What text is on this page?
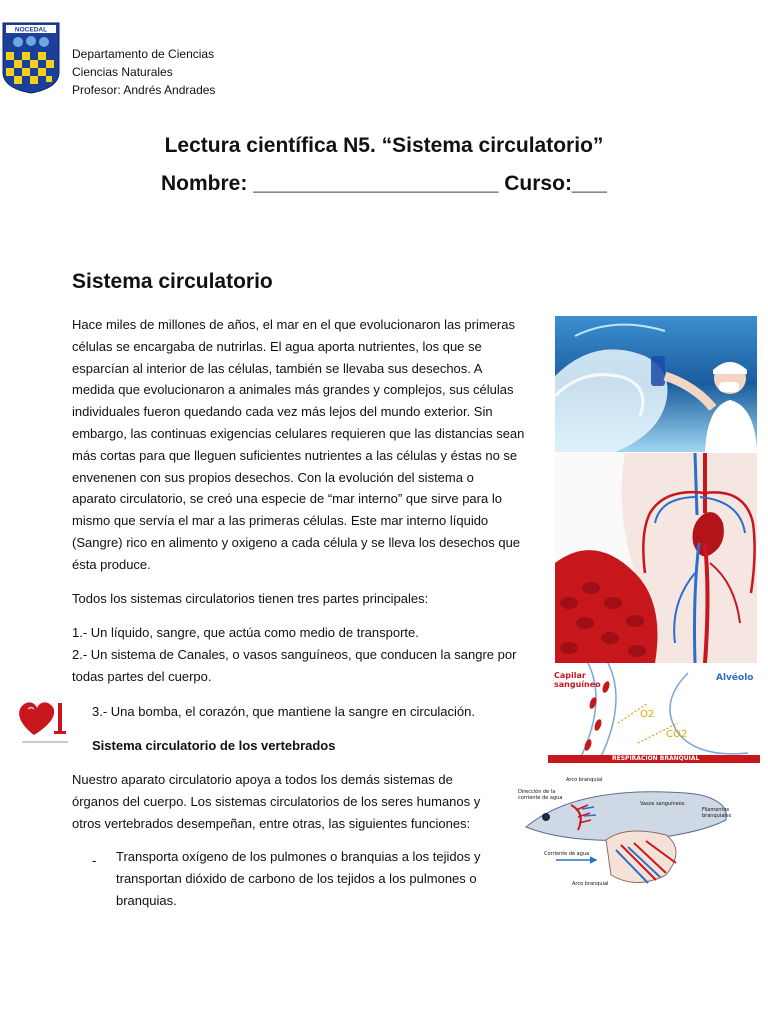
NOCEDAL
Departamento de Ciencias
Ciencias Naturales
Profesor: Andrés Andrades
Lectura científica N5. “Sistema circulatorio”
Nombre: _____________________ Curso:___
Sistema circulatorio
Hace miles de millones de años, el mar en el que evolucionaron las primeras
células se encargaba de nutrirlas. El agua aporta nutrientes, los que se
esparcían al interior de las células, también se llevaba sus desechos. A
medida que evolucionaron a animales más grandes y complejos, sus células
individuales fueron quedando cada vez más lejos del mundo exterior. Sin
embargo, las continuas exigencias celulares requieren que las distancias sean
más cortas para que lleguen suficientes nutrientes a las células y éstas no se
envenenen con sus propios desechos. Con la evolución del sistema o
aparato circulatorio, se creó una especie de “mar interno” que sirve para lo
mismo que servía el mar a las primeras células. Este mar interno líquido
(Sangre) rico en alimento y oxigeno a cada célula y se lleva los desechos que
ésta produce.
Todos los sistemas circulatorios tienen tres partes principales:
1.- Un líquido, sangre, que actúa como medio de transporte.
2.- Un sistema de Canales, o vasos sanguíneos, que conducen la sangre por
todas partes del cuerpo.
3.- Una bomba, el corazón, que mantiene la sangre en circulación.
Sistema circulatorio de los vertebrados
Nuestro aparato circulatorio apoya a todos los demás sistemas de
órganos del cuerpo. Los sistemas circulatorios de los seres humanos y
otros vertebrados desempeñan, entre otras, las siguientes funciones:
- Transporta oxígeno de los pulmones o branquias a los tejidos y
transportan dióxido de carbono de los tejidos a los pulmones o
branquias.
Capilar
sanguíneo
Alvéolo
O2
CO2
RESPIRACIÓN BRANQUIAL
Arco branquial
Dirección de la
corriente de agua
Vasos sanguíneos
Filamentos
branquiales
Corriente de agua
Arco branquial
